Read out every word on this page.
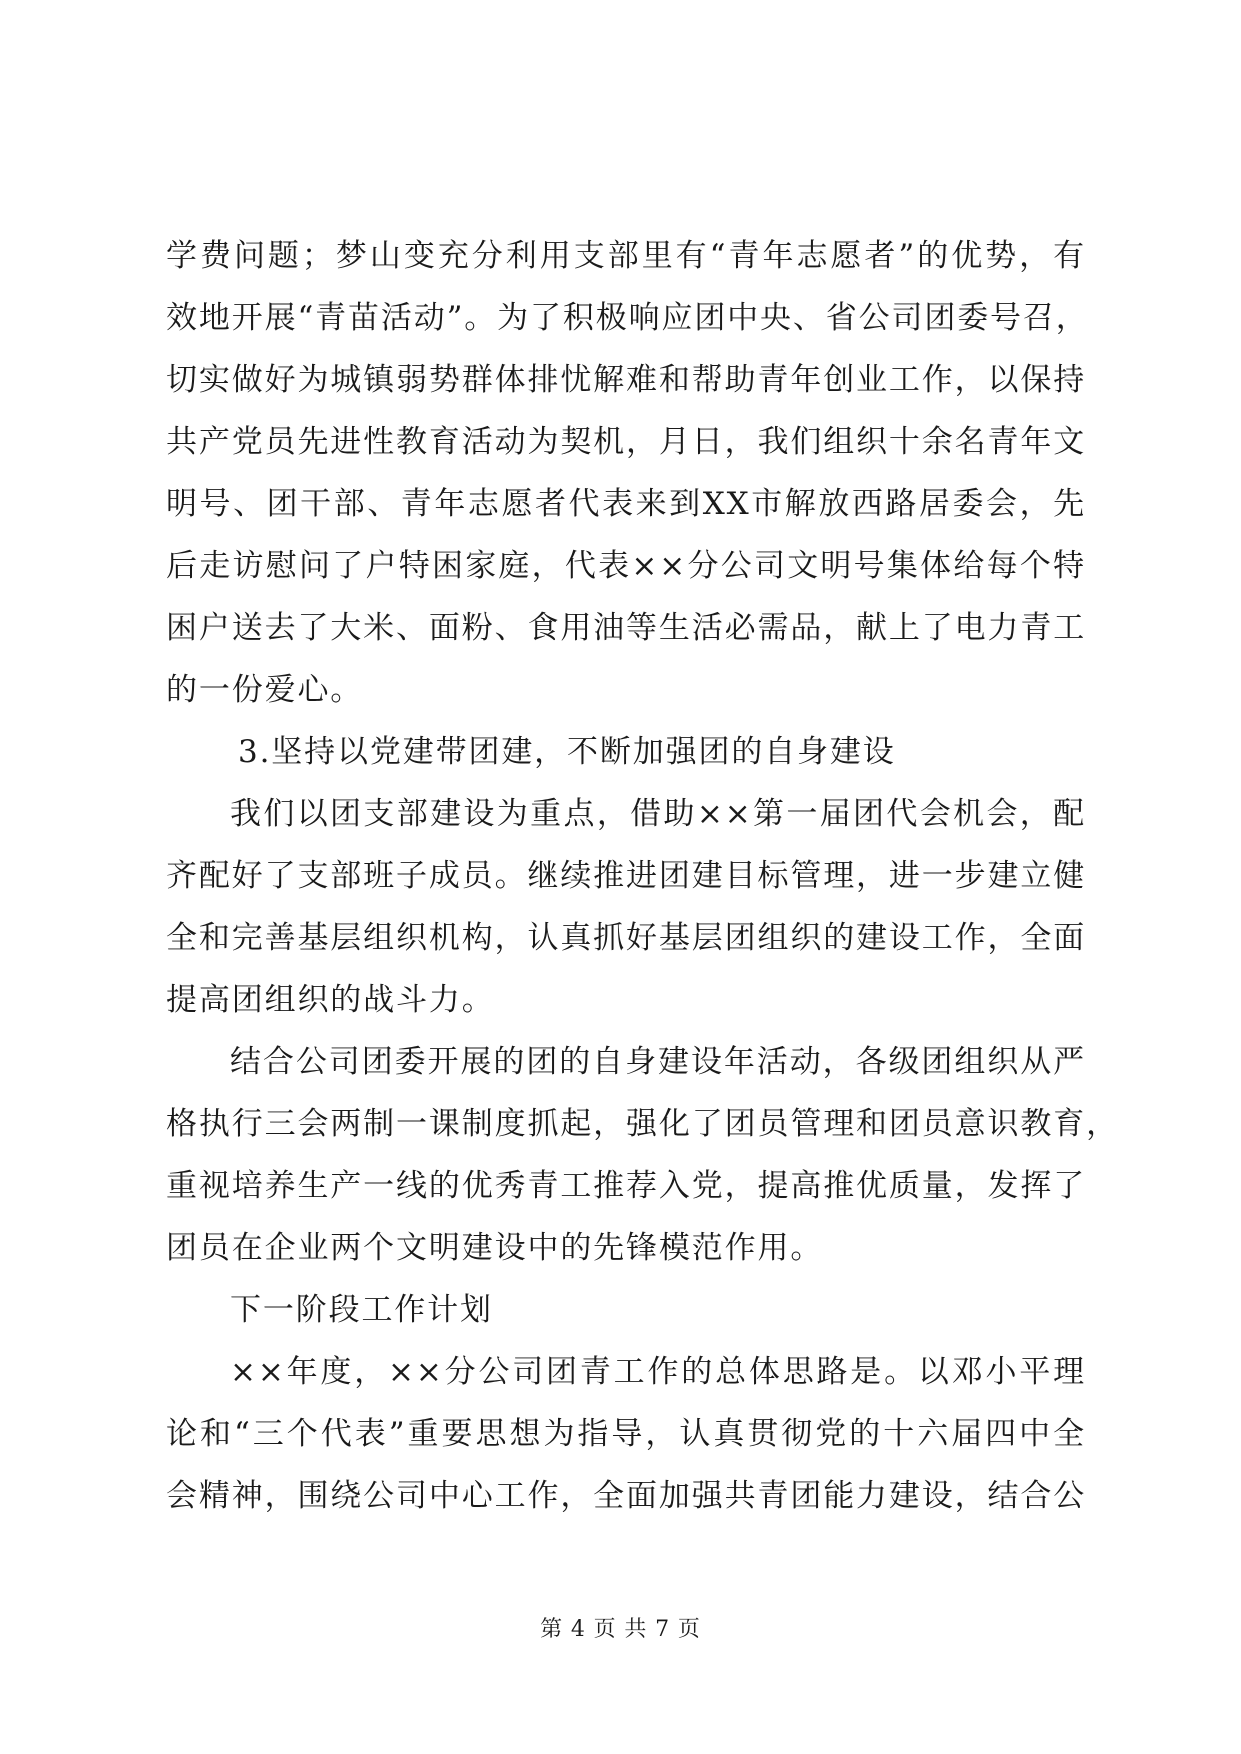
学费问题；梦山变充分利用支部里有“青年志愿者”的优势，有
效地开展“青苗活动”。为了积极响应团中央、省公司团委号召，
切实做好为城镇弱势群体排忧解难和帮助青年创业工作，以保持
共产党员先进性教育活动为契机，月日，我们组织十余名青年文
明号、团干部、青年志愿者代表来到XX市解放西路居委会，先
后走访慰问了户特困家庭，代表××分公司文明号集体给每个特
困户送去了大米、面粉、食用油等生活必需品，献上了电力青工
的一份爱心。
3.坚持以党建带团建，不断加强团的自身建设
我们以团支部建设为重点，借助××第一届团代会机会，配
齐配好了支部班子成员。继续推进团建目标管理，进一步建立健
全和完善基层组织机构，认真抓好基层团组织的建设工作，全面
提高团组织的战斗力。
结合公司团委开展的团的自身建设年活动，各级团组织从严
格执行三会两制一课制度抓起，强化了团员管理和团员意识教育，
重视培养生产一线的优秀青工推荐入党，提高推优质量，发挥了
团员在企业两个文明建设中的先锋模范作用。
下一阶段工作计划
××年度，××分公司团青工作的总体思路是。以邓小平理
论和“三个代表”重要思想为指导，认真贯彻党的十六届四中全
会精神，围绕公司中心工作，全面加强共青团能力建设，结合公
第 4 页 共 7 页
